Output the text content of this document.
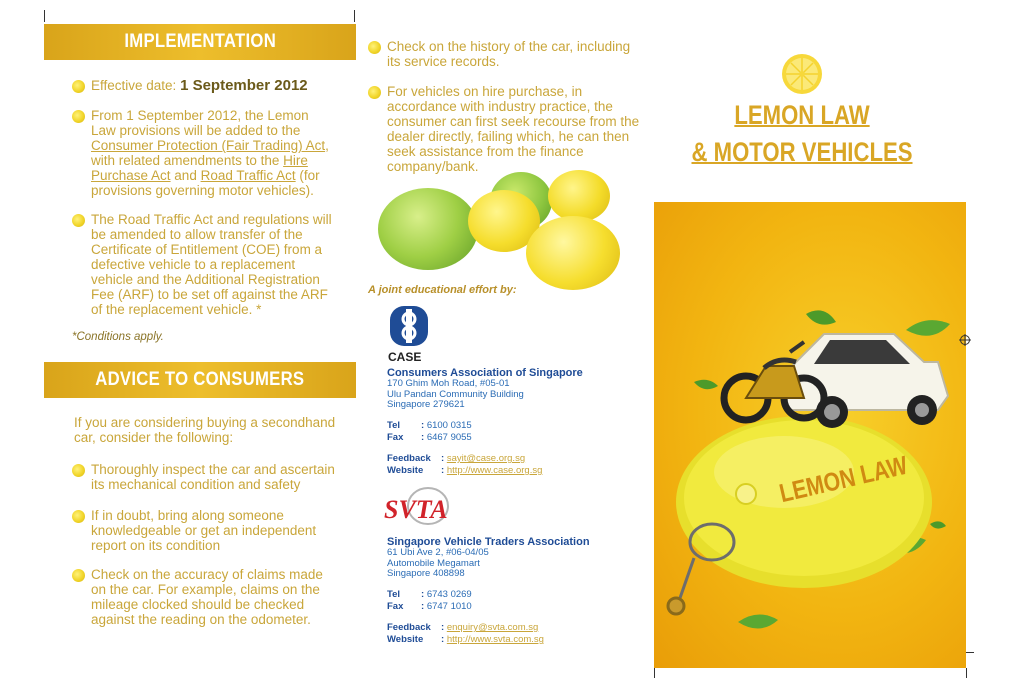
IMPLEMENTATION
Effective date: 1 September 2012
From 1 September 2012, the Lemon Law provisions will be added to the Consumer Protection (Fair Trading) Act, with related amendments to the Hire Purchase Act and Road Traffic Act (for provisions governing motor vehicles).
The Road Traffic Act and regulations will be amended to allow transfer of the Certificate of Entitlement (COE) from a defective vehicle to a replacement vehicle and the Additional Registration Fee (ARF) to be set off against the ARF of the replacement vehicle. *
*Conditions apply.
ADVICE TO CONSUMERS
If you are considering buying a secondhand car, consider the following:
Thoroughly inspect the car and ascertain its mechanical condition and safety
If in doubt, bring along someone knowledgeable or get an independent report on its condition
Check on the accuracy of claims made on the car. For example, claims on the mileage clocked should be checked against the reading on the odometer.
Check on the history of the car, including its service records.
For vehicles on hire purchase, in accordance with industry practice, the consumer can first seek recourse from the dealer directly, failing which, he can then seek assistance from the finance company/bank.
A joint educational effort by:
CASE
Consumers Association of Singapore
170 Ghim Moh Road, #05-01
Ulu Pandan Community Building
Singapore 279621
Tel : 6100 0315
Fax : 6467 9055
Feedback : sayit@case.org.sg
Website : http://www.case.org.sg
SVTA
Singapore Vehicle Traders Association
61 Ubi Ave 2, #06-04/05
Automobile Megamart
Singapore 408898
Tel : 6743 0269
Fax : 6747 1010
Feedback : enquiry@svta.com.sg
Website : http://www.svta.com.sg
LEMON LAW
& MOTOR VEHICLES
LEMON LAW
